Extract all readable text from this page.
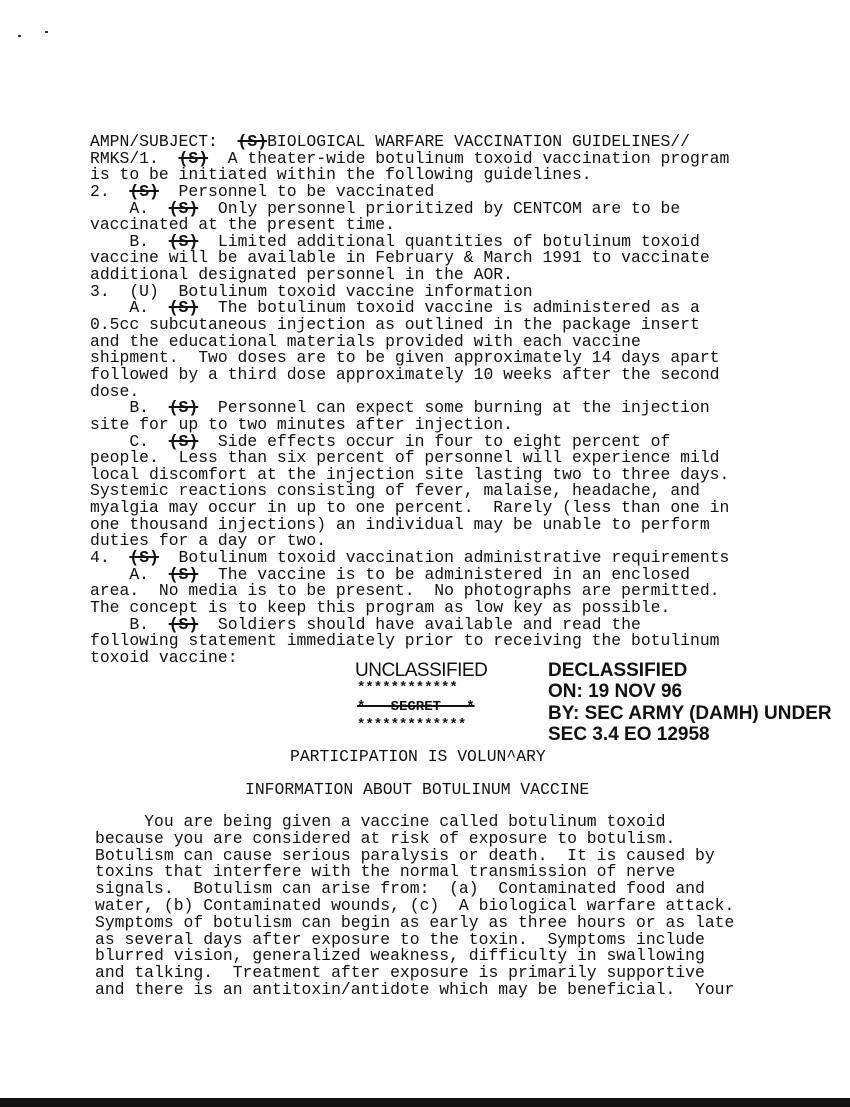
AMPN/SUBJECT:  (S)BIOLOGICAL WARFARE VACCINATION GUIDELINES//
RMKS/1.  (S)  A theater-wide botulinum toxoid vaccination program
is to be initiated within the following guidelines.
2.  (S)  Personnel to be vaccinated
A.  (S)  Only personnel prioritized by CENTCOM are to be
vaccinated at the present time.
B.  (S)  Limited additional quantities of botulinum toxoid
vaccine will be available in February & March 1991 to vaccinate
additional designated personnel in the AOR.
3.  (U)  Botulinum toxoid vaccine information
A.  (S)  The botulinum toxoid vaccine is administered as a
0.5cc subcutaneous injection as outlined in the package insert
and the educational materials provided with each vaccine
shipment.  Two doses are to be given approximately 14 days apart
followed by a third dose approximately 10 weeks after the second
dose.
B.  (S)  Personnel can expect some burning at the injection
site for up to two minutes after injection.
C.  (S)  Side effects occur in four to eight percent of
people.  Less than six percent of personnel will experience mild
local discomfort at the injection site lasting two to three days.
Systemic reactions consisting of fever, malaise, headache, and
myalgia may occur in up to one percent.  Rarely (less than one in
one thousand injections) an individual may be unable to perform
duties for a day or two.
4.  (S)  Botulinum toxoid vaccination administrative requirements
A.  (S)  The vaccine is to be administered in an enclosed
area.  No media is to be present.  No photographs are permitted.
The concept is to keep this program as low key as possible.
B.  (S)  Soldiers should have available and read the
following statement immediately prior to receiving the botulinum
toxoid vaccine:
UNCLASSIFIED
************
* --SECRET-- *
*************
DECLASSIFIED
ON: 19 NOV 96
BY: SEC ARMY (DAMH) UNDER
SEC 3.4 EO 12958
PARTICIPATION IS VOLUN^ARY
INFORMATION ABOUT BOTULINUM VACCINE
You are being given a vaccine called botulinum toxoid
because you are considered at risk of exposure to botulism.
Botulism can cause serious paralysis or death.  It is caused by
toxins that interfere with the normal transmission of nerve
signals.  Botulism can arise from:  (a)  Contaminated food and
water, (b) Contaminated wounds, (c)  A biological warfare attack.
Symptoms of botulism can begin as early as three hours or as late
as several days after exposure to the toxin.  Symptoms include
blurred vision, generalized weakness, difficulty in swallowing
and talking.  Treatment after exposure is primarily supportive
and there is an antitoxin/antidote which may be beneficial.  Your
